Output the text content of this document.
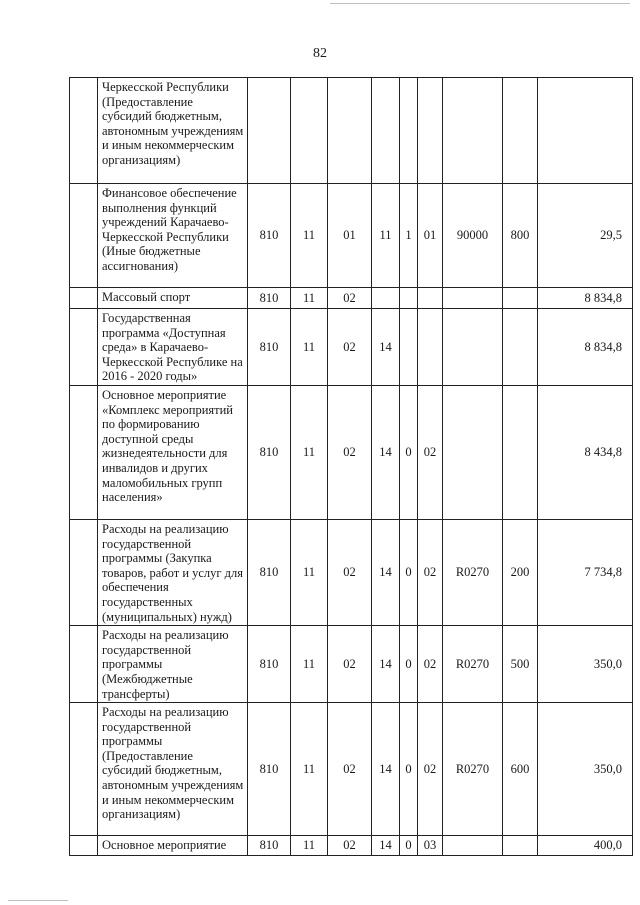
82
	Черкесской Республики (Предоставление субсидий бюджетным, автономным учреждениям и иным некоммерческим организациям)									
	Финансовое обеспечение выполнения функций учреждений Карачаево-Черкесской Республики (Иные бюджетные ассигнования)	810	11	01	11	1	01	90000	800	29,5
	Массовый спорт	810	11	02						8 834,8
	Государственная программа «Доступная среда» в Карачаево-Черкесской Республике на 2016 - 2020 годы»	810	11	02	14					8 834,8
	Основное мероприятие «Комплекс мероприятий по формированию доступной среды жизнедеятельности для инвалидов и других маломобильных групп населения»	810	11	02	14	0	02			8 434,8
	Расходы на реализацию государственной программы (Закупка товаров, работ и услуг для обеспечения государственных (муниципальных) нужд)	810	11	02	14	0	02	R0270	200	7 734,8
	Расходы на реализацию государственной программы (Межбюджетные трансферты)	810	11	02	14	0	02	R0270	500	350,0
	Расходы на реализацию государственной программы (Предоставление субсидий бюджетным, автономным учреждениям и иным некоммерческим организациям)	810	11	02	14	0	02	R0270	600	350,0
	Основное мероприятие	810	11	02	14	0	03			400,0
